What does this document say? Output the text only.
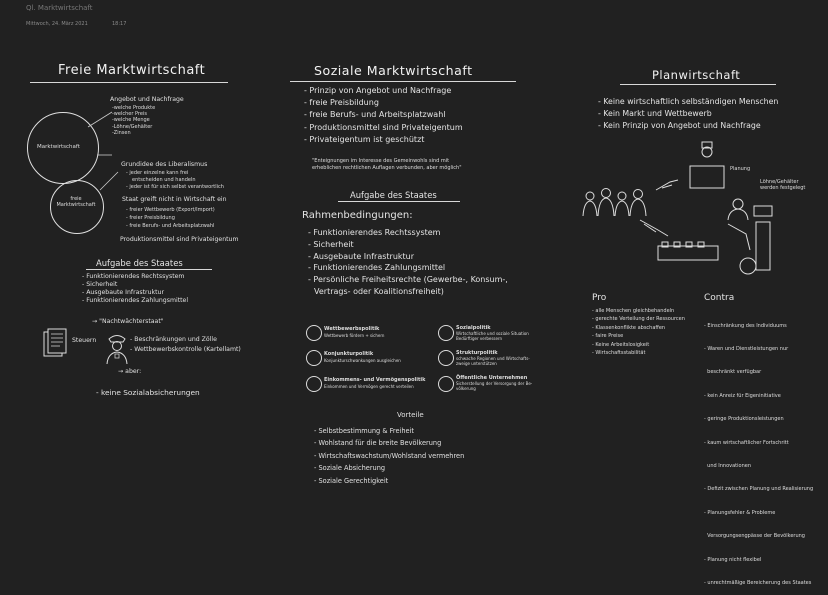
Ql. Marktwirtschaft
Mittwoch, 24. März 2021	18:17
Freie Marktwirtschaft
Marktwirtschaft
freie Marktwirtschaft
Angebot und Nachfrage
-welche Produkte
-welcher Preis
-welche Menge
-Löhne/Gehälter
-Zinsen
Grundidee des Liberalismus
- jeder einzelne kann frei
entscheiden und handeln
- jeder ist für sich selbst verantwortlich
Staat greift nicht in Wirtschaft ein
- freier Wettbewerb (Export/Import)
- freier Preisbildung
- freie Berufs- und Arbeitsplatzwahl
Produktionsmittel sind Privateigentum
Aufgabe des Staates
- Funktionierendes Rechtssystem
- Sicherheit
- Ausgebaute Infrastruktur
- Funktionierendes Zahlungsmittel
→ "Nachtwächterstaat"
Steuern	- Beschränkungen und Zölle
- Wettbewerbskontrolle (Kartellamt)
→ aber:
- keine Sozialabsicherungen
Soziale Marktwirtschaft
- Prinzip von Angebot und Nachfrage
- freie Preisbildung
- freie Berufs- und Arbeitsplatzwahl
- Produktionsmittel sind Privateigentum
- Privateigentum ist geschützt
"Enteignungen im Interesse des Gemeinwohls sind mit
erheblichen rechtlichen Auflagen verbunden, aber möglich"
Aufgabe des Staates
Rahmenbedingungen:
- Funktionierendes Rechtssystem
- Sicherheit
- Ausgebaute Infrastruktur
- Funktionierendes Zahlungsmittel
- Persönliche Freiheitsrechte (Gewerbe-, Konsum-,
Vertrags- oder Koalitionsfreiheit)
Wettbewerbspolitik
Wettbewerb fördern + sichern
Sozialpolitik
Wirtschaftliche und soziale Situation
Bedürftiger verbessern
Konjunkturpolitik
Konjunkturschwankungen ausgleichen
Strukturpolitik
schwache Regionen und Wirtschafts-
zweige unterstützen
Einkommens- und Vermögenspolitik
Einkommen und Vermögen gerecht verteilen
Öffentliche Unternehmen
Sicherstellung der Versorgung der Be-
völkerung
Vorteile
- Selbstbestimmung & Freiheit
- Wohlstand für die breite Bevölkerung
- Wirtschaftswachstum/Wohlstand vermehren
- Soziale Absicherung
- Soziale Gerechtigkeit
Planwirtschaft
- Keine wirtschaftlich selbständigen Menschen
- Kein Markt und Wettbewerb
- Kein Prinzip von Angebot und Nachfrage
Planung
Löhne/Gehälter
werden festgelegt
Pro
- alle Menschen gleichbehandeln
- gerechte Verteilung der Ressourcen
- Klassenkonflikte abschaffen
- faire Preise
- Keine Arbeitslosigkeit
- Wirtschaftsstabilität
Contra

- Einschränkung des Individuums

- Waren und Dienstleistungen nur

beschränkt verfügbar

- kein Anreiz für Eigeninitiative

- geringe Produktionsleistungen

- kaum wirtschaftlicher Fortschritt

und Innovationen

- Defizit zwischen Planung und Realisierung

- Planungsfehler & Probleme

Versorgungsengpässe der Bevölkerung

- Planung nicht flexibel

- unrechtmäßige Bereicherung des Staates
